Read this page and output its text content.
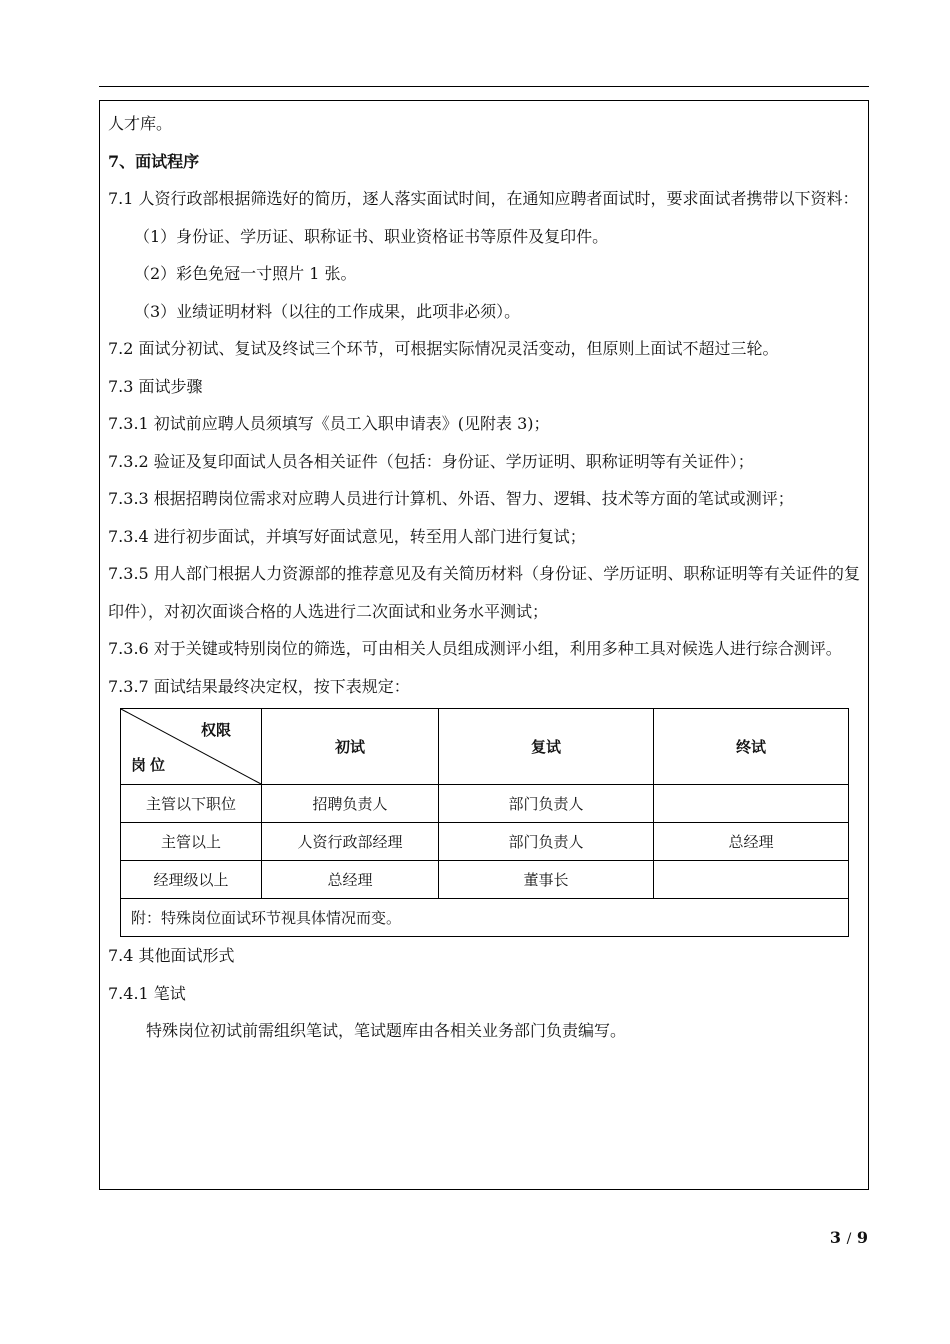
人才库。
7、面试程序
7.1 人资行政部根据筛选好的简历，逐人落实面试时间，在通知应聘者面试时，要求面试者携带以下资料：
（1）身份证、学历证、职称证书、职业资格证书等原件及复印件。
（2）彩色免冠一寸照片 1 张。
（3）业绩证明材料（以往的工作成果，此项非必须）。
7.2 面试分初试、复试及终试三个环节，可根据实际情况灵活变动，但原则上面试不超过三轮。
7.3 面试步骤
7.3.1 初试前应聘人员须填写《员工入职申请表》(见附表 3)；
7.3.2 验证及复印面试人员各相关证件（包括：身份证、学历证明、职称证明等有关证件）；
7.3.3 根据招聘岗位需求对应聘人员进行计算机、外语、智力、逻辑、技术等方面的笔试或测评；
7.3.4 进行初步面试，并填写好面试意见，转至用人部门进行复试；
7.3.5 用人部门根据人力资源部的推荐意见及有关简历材料（身份证、学历证明、职称证明等有关证件的复印件），对初次面谈合格的人选进行二次面试和业务水平测试；
7.3.6 对于关键或特别岗位的筛选，可由相关人员组成测评小组，利用多种工具对候选人进行综合测评。
7.3.7 面试结果最终决定权，按下表规定：
权限
岗位	初试	复试	终试
主管以下职位	招聘负责人	部门负责人	
主管以上	人资行政部经理	部门负责人	总经理
经理级以上	总经理	董事长	
附：特殊岗位面试环节视具体情况而变。			
7.4 其他面试形式
7.4.1 笔试
特殊岗位初试前需组织笔试，笔试题库由各相关业务部门负责编写。
3 / 9
